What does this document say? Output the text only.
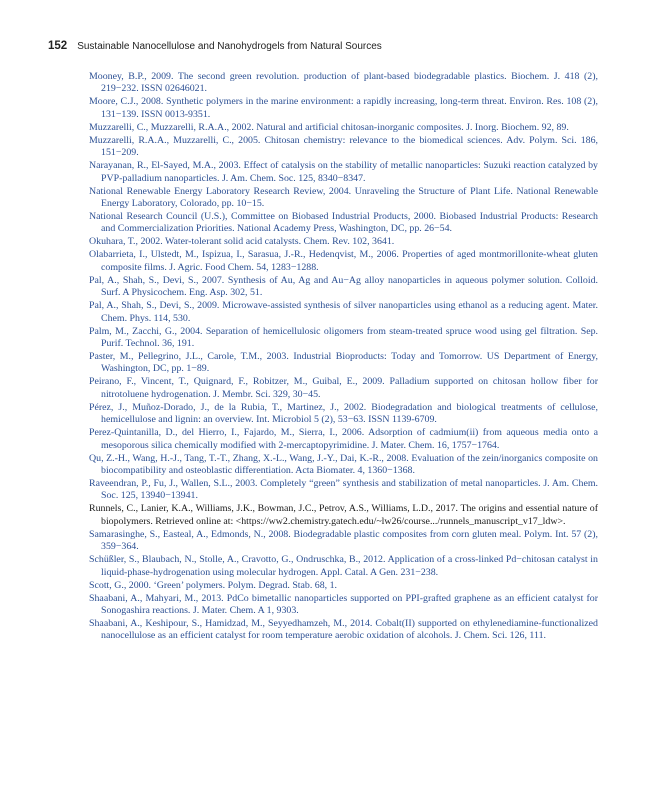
152 Sustainable Nanocellulose and Nanohydrogels from Natural Sources
Mooney, B.P., 2009. The second green revolution. production of plant-based biodegradable plastics. Biochem. J. 418 (2), 219−232. ISSN 02646021.
Moore, C.J., 2008. Synthetic polymers in the marine environment: a rapidly increasing, long-term threat. Environ. Res. 108 (2), 131−139. ISSN 0013-9351.
Muzzarelli, C., Muzzarelli, R.A.A., 2002. Natural and artificial chitosan-inorganic composites. J. Inorg. Biochem. 92, 89.
Muzzarelli, R.A.A., Muzzarelli, C., 2005. Chitosan chemistry: relevance to the biomedical sciences. Adv. Polym. Sci. 186, 151−209.
Narayanan, R., El-Sayed, M.A., 2003. Effect of catalysis on the stability of metallic nanoparticles: Suzuki reaction catalyzed by PVP-palladium nanoparticles. J. Am. Chem. Soc. 125, 8340−8347.
National Renewable Energy Laboratory Research Review, 2004. Unraveling the Structure of Plant Life. National Renewable Energy Laboratory, Colorado, pp. 10−15.
National Research Council (U.S.), Committee on Biobased Industrial Products, 2000. Biobased Industrial Products: Research and Commercialization Priorities. National Academy Press, Washington, DC, pp. 26−54.
Okuhara, T., 2002. Water-tolerant solid acid catalysts. Chem. Rev. 102, 3641.
Olabarrieta, I., Ulstedt, M., Ispizua, I., Sarasua, J.-R., Hedenqvist, M., 2006. Properties of aged montmorillonite-wheat gluten composite films. J. Agric. Food Chem. 54, 1283−1288.
Pal, A., Shah, S., Devi, S., 2007. Synthesis of Au, Ag and Au−Ag alloy nanoparticles in aqueous polymer solution. Colloid. Surf. A Physicochem. Eng. Asp. 302, 51.
Pal, A., Shah, S., Devi, S., 2009. Microwave-assisted synthesis of silver nanoparticles using ethanol as a reducing agent. Mater. Chem. Phys. 114, 530.
Palm, M., Zacchi, G., 2004. Separation of hemicellulosic oligomers from steam-treated spruce wood using gel filtration. Sep. Purif. Technol. 36, 191.
Paster, M., Pellegrino, J.L., Carole, T.M., 2003. Industrial Bioproducts: Today and Tomorrow. US Department of Energy, Washington, DC, pp. 1−89.
Peirano, F., Vincent, T., Quignard, F., Robitzer, M., Guibal, E., 2009. Palladium supported on chitosan hollow fiber for nitrotoluene hydrogenation. J. Membr. Sci. 329, 30−45.
Pérez, J., Muñoz-Dorado, J., de la Rubia, T., Martinez, J., 2002. Biodegradation and biological treatments of cellulose, hemicellulose and lignin: an overview. Int. Microbiol 5 (2), 53−63. ISSN 1139-6709.
Perez-Quintanilla, D., del Hierro, I., Fajardo, M., Sierra, I., 2006. Adsorption of cadmium(ii) from aqueous media onto a mesoporous silica chemically modified with 2-mercaptopyrimidine. J. Mater. Chem. 16, 1757−1764.
Qu, Z.-H., Wang, H.-J., Tang, T.-T., Zhang, X.-L., Wang, J.-Y., Dai, K.-R., 2008. Evaluation of the zein/inorganics composite on biocompatibility and osteoblastic differentiation. Acta Biomater. 4, 1360−1368.
Raveendran, P., Fu, J., Wallen, S.L., 2003. Completely “green” synthesis and stabilization of metal nanoparticles. J. Am. Chem. Soc. 125, 13940−13941.
Runnels, C., Lanier, K.A., Williams, J.K., Bowman, J.C., Petrov, A.S., Williams, L.D., 2017. The origins and essential nature of biopolymers. Retrieved online at: <https://ww2.chemistry.gatech.edu/~lw26/course.../runnels_manuscript_v17_ldw>.
Samarasinghe, S., Easteal, A., Edmonds, N., 2008. Biodegradable plastic composites from corn gluten meal. Polym. Int. 57 (2), 359−364.
Schüßler, S., Blaubach, N., Stolle, A., Cravotto, G., Ondruschka, B., 2012. Application of a cross-linked Pd−chitosan catalyst in liquid-phase-hydrogenation using molecular hydrogen. Appl. Catal. A Gen. 231−238.
Scott, G., 2000. ‘Green’ polymers. Polym. Degrad. Stab. 68, 1.
Shaabani, A., Mahyari, M., 2013. PdCo bimetallic nanoparticles supported on PPI-grafted graphene as an efficient catalyst for Sonogashira reactions. J. Mater. Chem. A 1, 9303.
Shaabani, A., Keshipour, S., Hamidzad, M., Seyyedhamzeh, M., 2014. Cobalt(II) supported on ethylenediamine-functionalized nanocellulose as an efficient catalyst for room temperature aerobic oxidation of alcohols. J. Chem. Sci. 126, 111.
